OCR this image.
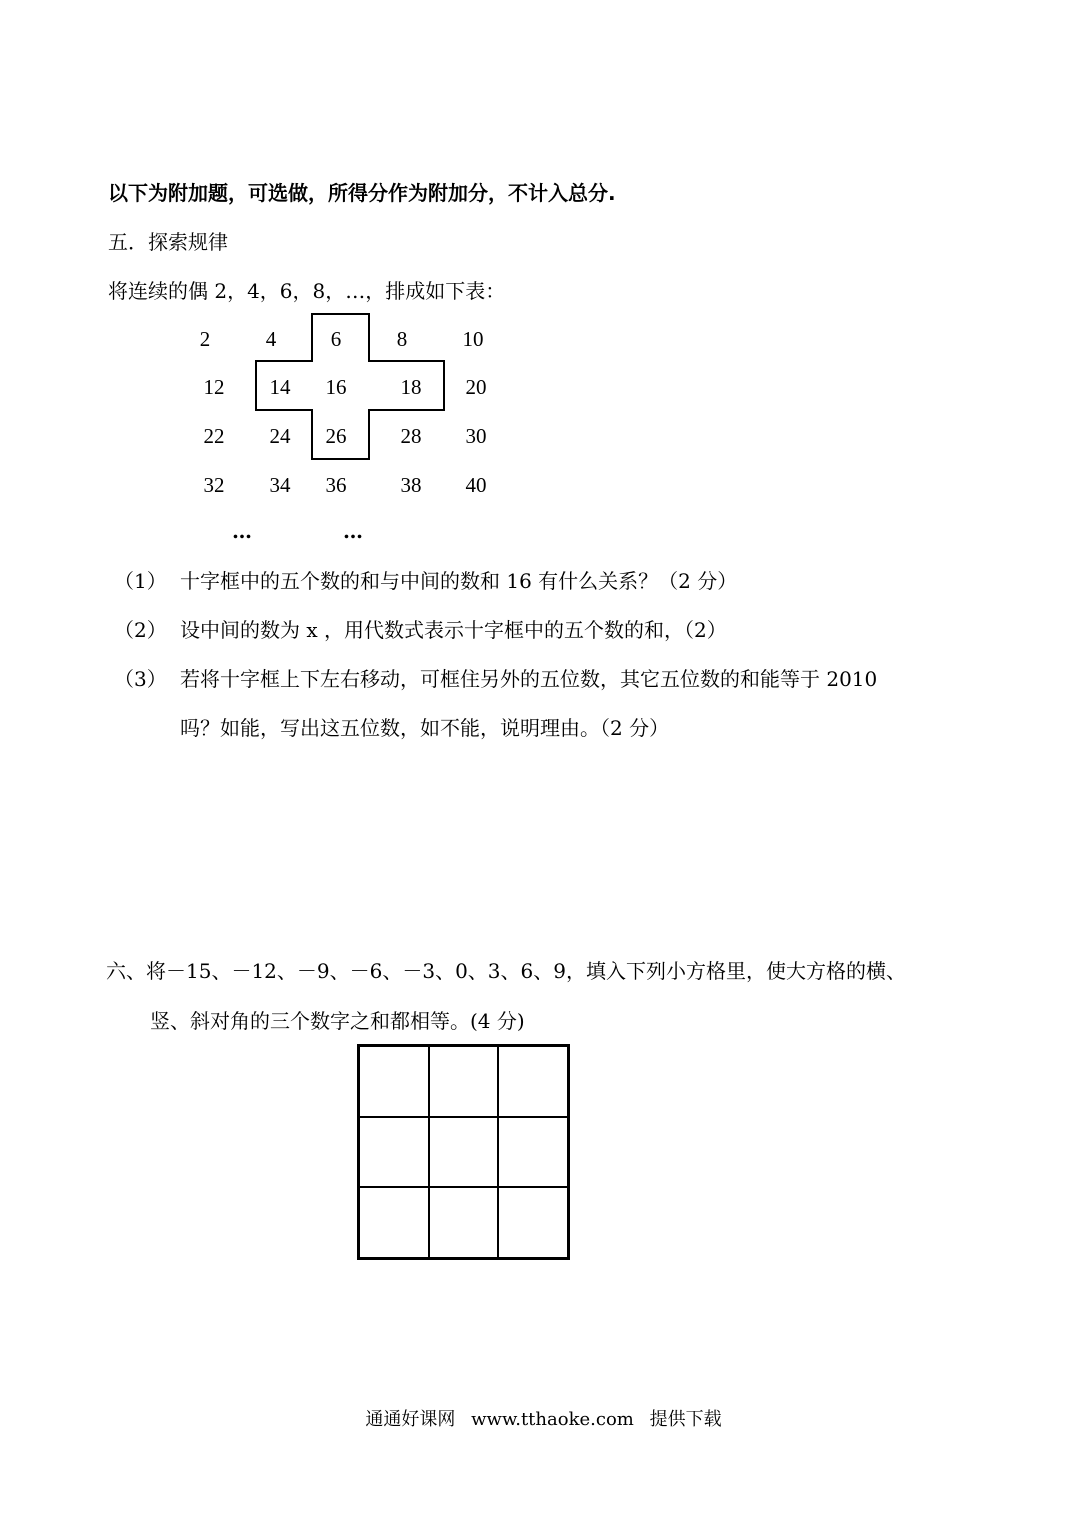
以下为附加题，可选做，所得分作为附加分，不计入总分.
五．探索规律
将连续的偶 2，4，6，8，…，排成如下表：
2	4	6	8	10
12	14	16	18	20
22	24	26	28	30
32	34	36	38	40
…	…
（1） 十字框中的五个数的和与中间的数和 16 有什么关系？（2 分）
（2） 设中间的数为 x ，用代数式表示十字框中的五个数的和，（2）
（3） 若将十字框上下左右移动，可框住另外的五位数，其它五位数的和能等于 2010
吗？如能，写出这五位数，如不能，说明理由。（2 分）
六、将－15、－12、－9、－6、－3、0、3、6、9，填入下列小方格里，使大方格的横、
竖、斜对角的三个数字之和都相等。(4 分)
通通好课网 www.tthaoke.com 提供下载
